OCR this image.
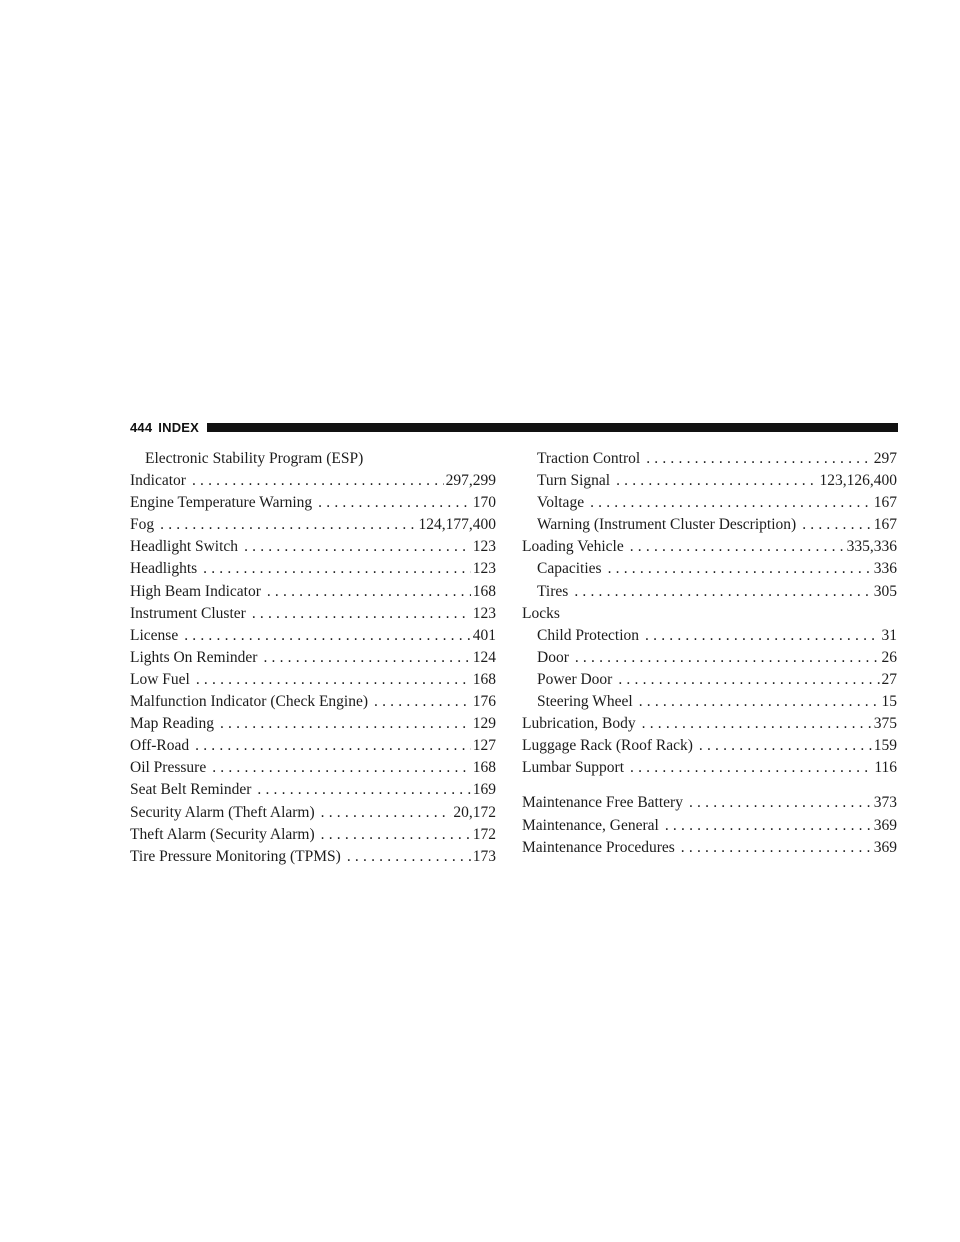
444 INDEX
Electronic Stability Program (ESP)
Indicator .....	297,299
Engine Temperature Warning .....	170
Fog .....	124,177,400
Headlight Switch .....	123
Headlights .....	123
High Beam Indicator .....	168
Instrument Cluster .....	123
License .....	401
Lights On Reminder .....	124
Low Fuel .....	168
Malfunction Indicator (Check Engine) .....	176
Map Reading .....	129
Off-Road .....	127
Oil Pressure .....	168
Seat Belt Reminder .....	169
Security Alarm (Theft Alarm) .....	20,172
Theft Alarm (Security Alarm) .....	172
Tire Pressure Monitoring (TPMS) .....	173
Traction Control .....	297
Turn Signal .....	123,126,400
Voltage .....	167
Warning (Instrument Cluster Description) .....	167
Loading Vehicle .....	335,336
Capacities .....	336
Tires .....	305
Locks
Child Protection .....	31
Door .....	26
Power Door .....	27
Steering Wheel .....	15
Lubrication, Body .....	375
Luggage Rack (Roof Rack) .....	159
Lumbar Support .....	116
Maintenance Free Battery .....	373
Maintenance, General .....	369
Maintenance Procedures .....	369
